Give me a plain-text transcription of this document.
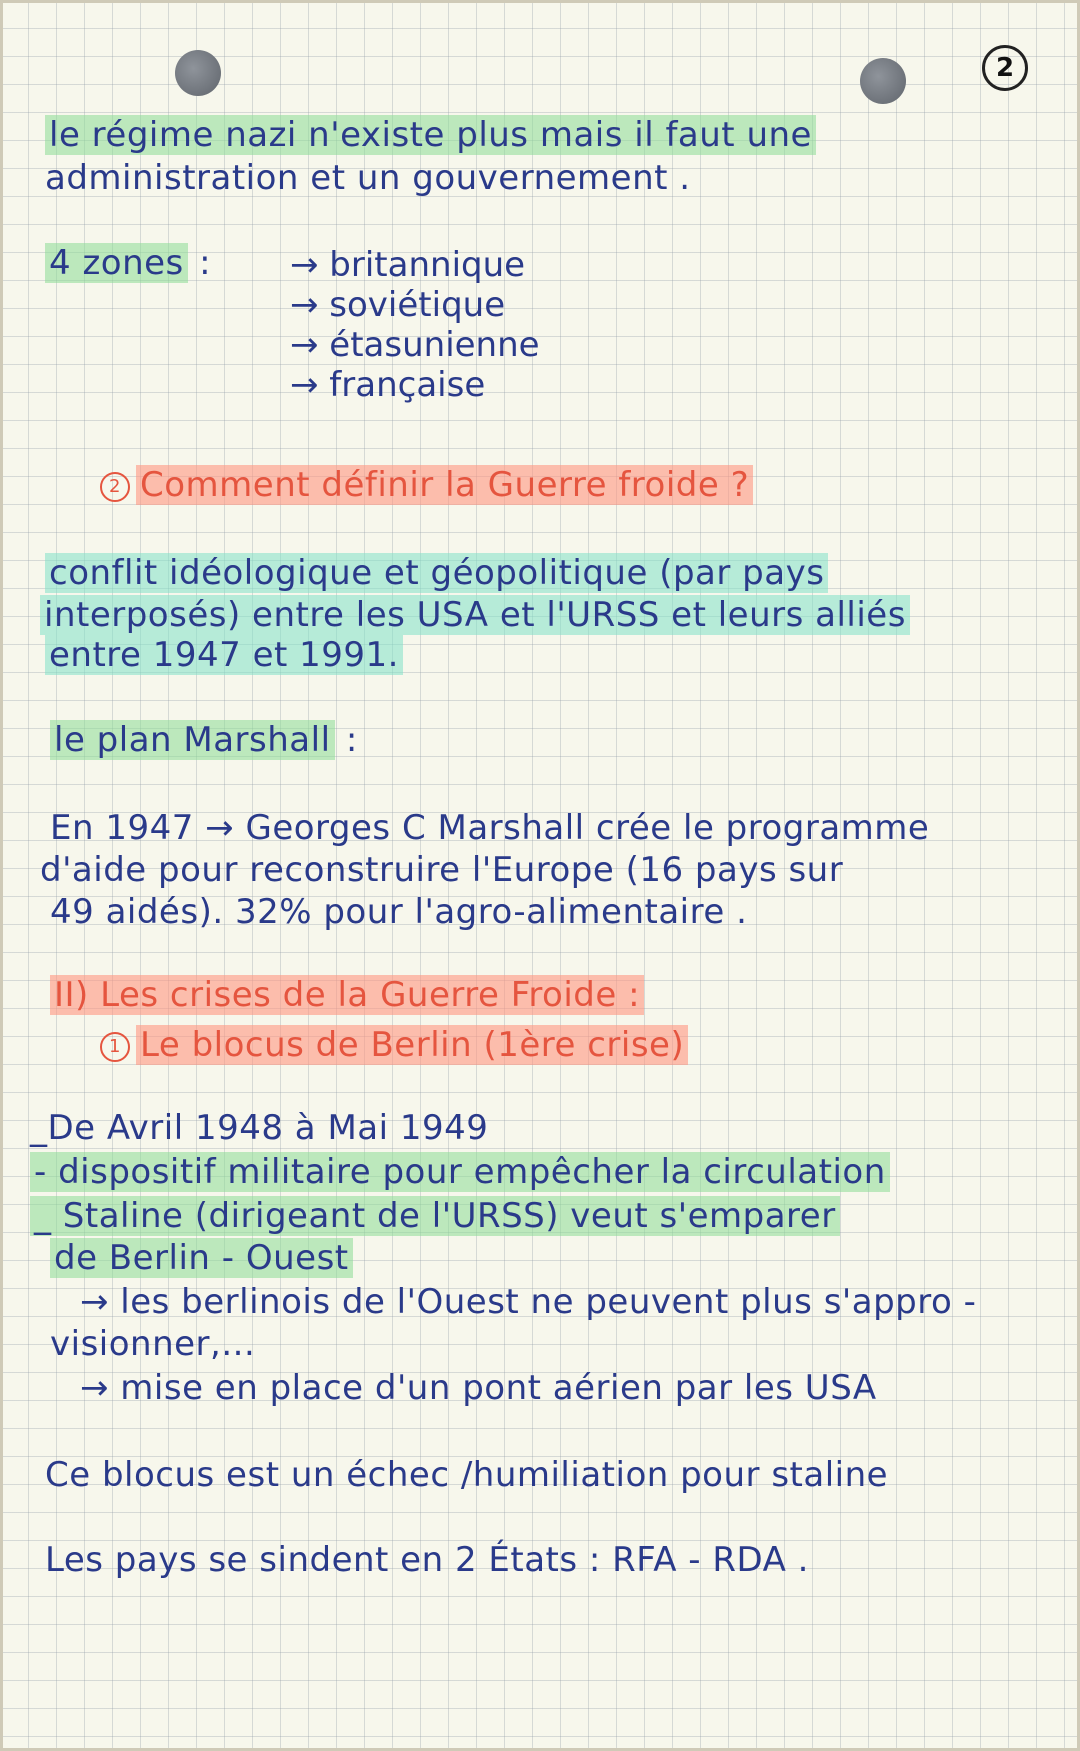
2
le régime nazi n'existe plus mais il faut une
administration et un gouvernement .
4 zones : → britannique
→ soviétique
→ étasunienne
→ française
2 Comment définir la Guerre froide ?
conflit idéologique et géopolitique (par pays
interposés) entre les USA et l'URSS et leurs alliés
entre 1947 et 1991.
le plan Marshall :
En 1947 → Georges C Marshall crée le programme
d'aide pour reconstruire l'Europe (16 pays sur
49 aidés). 32% pour l'agro-alimentaire .
II) Les crises de la Guerre Froide :
1 Le blocus de Berlin (1ère crise)
_De Avril 1948 à Mai 1949
- dispositif militaire pour empêcher la circulation
_ Staline (dirigeant de l'URSS) veut s'emparer
de Berlin - Ouest
→ les berlinois de l'Ouest ne peuvent plus s'appro -
visionner,...
→ mise en place d'un pont aérien par les USA
Ce blocus est un échec /humiliation pour staline
Les pays se sindent en 2 États : RFA - RDA .
